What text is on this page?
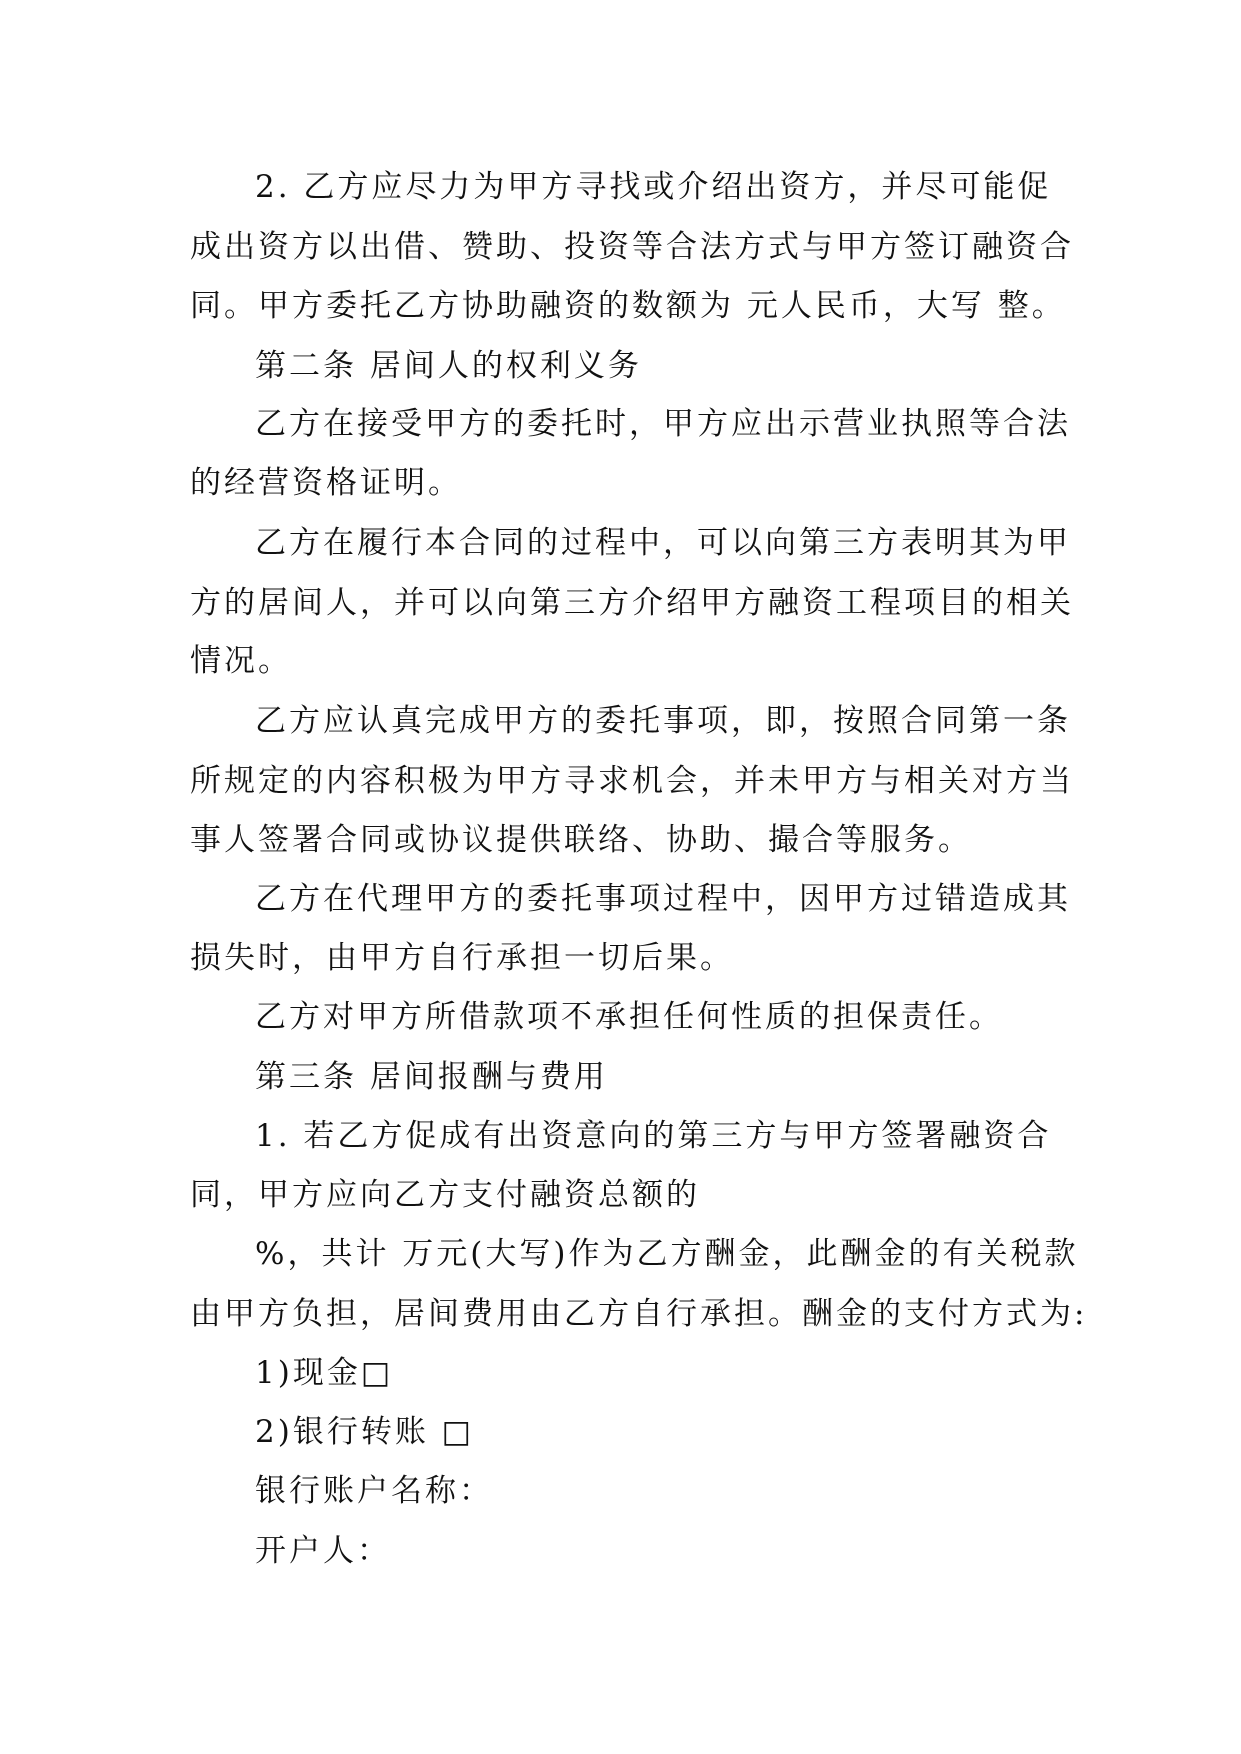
2. 乙方应尽力为甲方寻找或介绍出资方，并尽可能促
成出资方以出借、赞助、投资等合法方式与甲方签订融资合
同。甲方委托乙方协助融资的数额为 元人民币，大写 整。
第二条 居间人的权利义务
乙方在接受甲方的委托时，甲方应出示营业执照等合法
的经营资格证明。
乙方在履行本合同的过程中，可以向第三方表明其为甲
方的居间人，并可以向第三方介绍甲方融资工程项目的相关
情况。
乙方应认真完成甲方的委托事项，即，按照合同第一条
所规定的内容积极为甲方寻求机会，并未甲方与相关对方当
事人签署合同或协议提供联络、协助、撮合等服务。
乙方在代理甲方的委托事项过程中，因甲方过错造成其
损失时，由甲方自行承担一切后果。
乙方对甲方所借款项不承担任何性质的担保责任。
第三条 居间报酬与费用
1. 若乙方促成有出资意向的第三方与甲方签署融资合
同，甲方应向乙方支付融资总额的
%，共计 万元(大写)作为乙方酬金，此酬金的有关税款
由甲方负担，居间费用由乙方自行承担。酬金的支付方式为:
1)现金□
2)银行转账 □
银行账户名称：
开户人：
